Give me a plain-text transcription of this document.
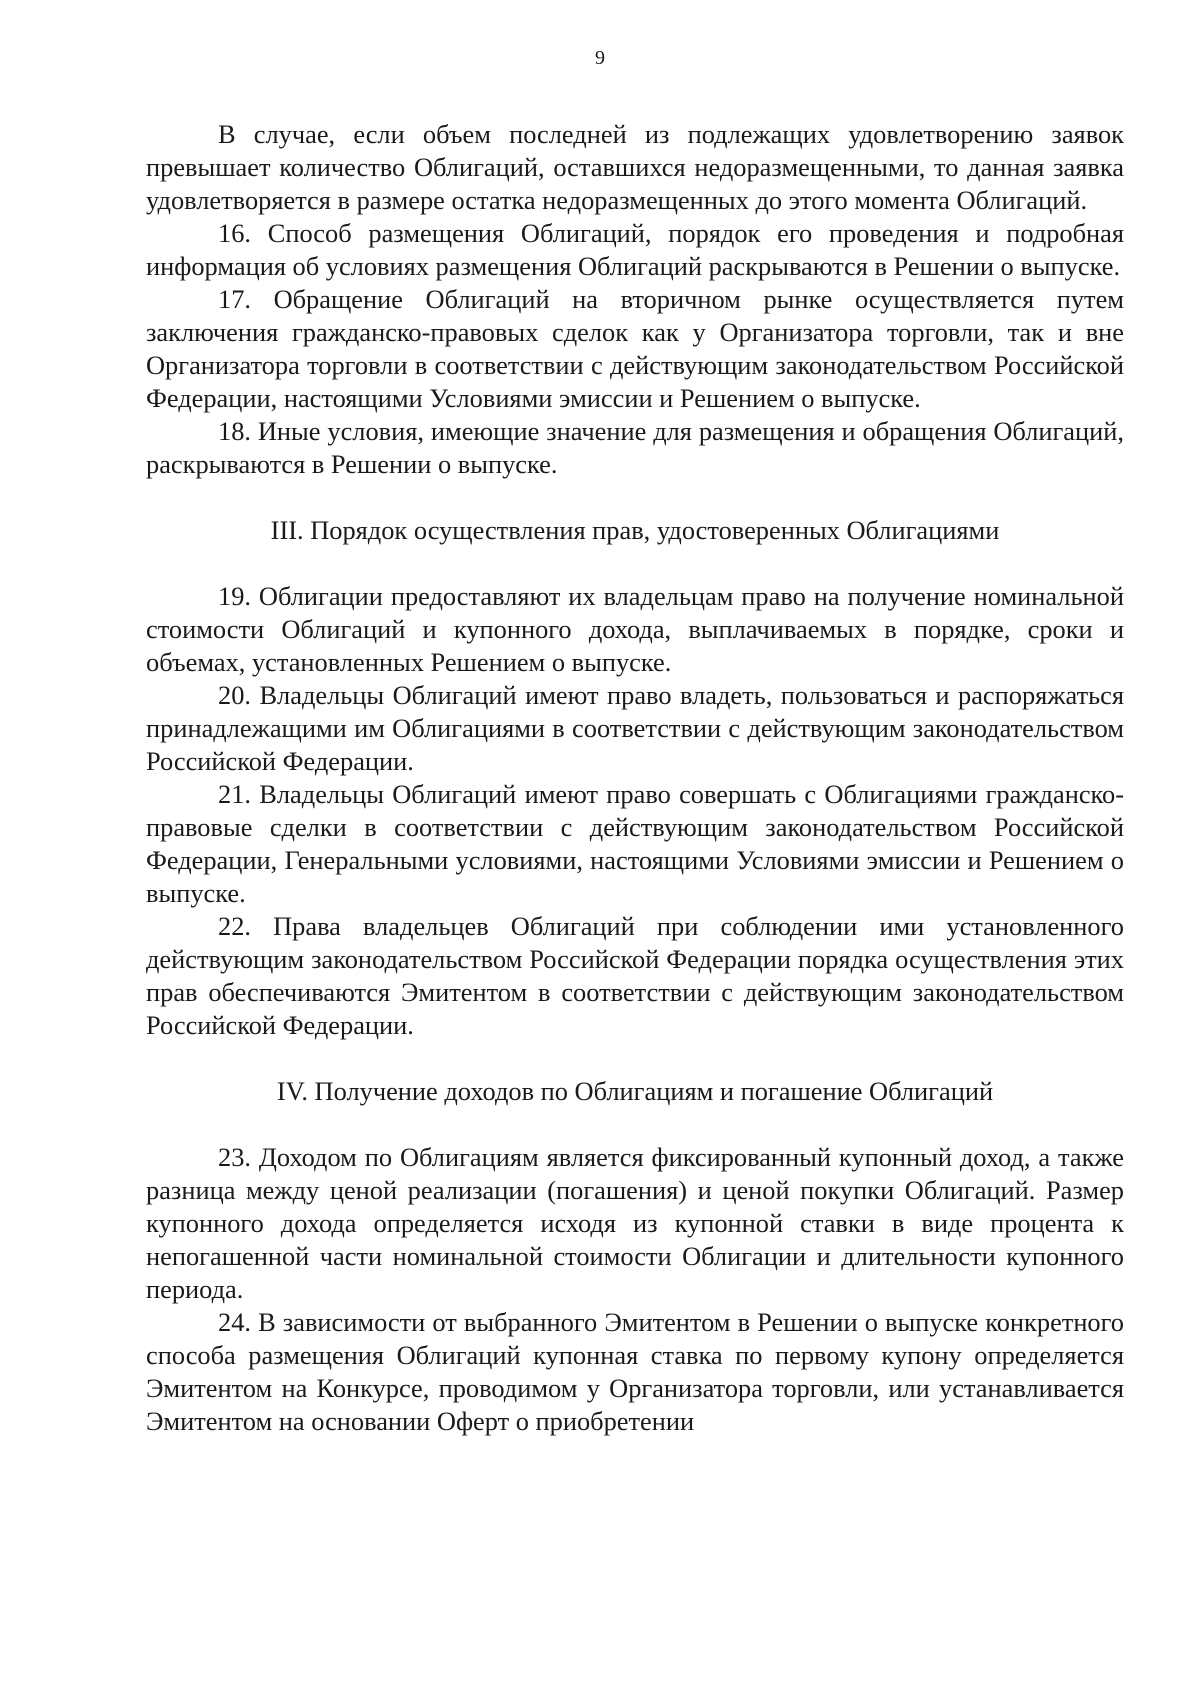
9

В случае, если объем последней из подлежащих удовлетворению заявок превышает количество Облигаций, оставшихся недоразмещенными, то данная заявка удовлетворяется в размере остатка недоразмещенных до этого момента Облигаций.

16. Способ размещения Облигаций, порядок его проведения и подробная информация об условиях размещения Облигаций раскрываются в Решении о выпуске.

17. Обращение Облигаций на вторичном рынке осуществляется путем заключения гражданско-правовых сделок как у Организатора торговли, так и вне Организатора торговли в соответствии с действующим законодательством Российской Федерации, настоящими Условиями эмиссии и Решением о выпуске.

18. Иные условия, имеющие значение для размещения и обращения Облигаций, раскрываются в Решении о выпуске.

III. Порядок осуществления прав, удостоверенных Облигациями

19. Облигации предоставляют их владельцам право на получение номинальной стоимости Облигаций и купонного дохода, выплачиваемых в порядке, сроки и объемах, установленных Решением о выпуске.

20. Владельцы Облигаций имеют право владеть, пользоваться и распоряжаться принадлежащими им Облигациями в соответствии с действующим законодательством Российской Федерации.

21. Владельцы Облигаций имеют право совершать с Облигациями гражданско-правовые сделки в соответствии с действующим законодательством Российской Федерации, Генеральными условиями, настоящими Условиями эмиссии и Решением о выпуске.

22. Права владельцев Облигаций при соблюдении ими установленного действующим законодательством Российской Федерации порядка осуществления этих прав обеспечиваются Эмитентом в соответствии с действующим законодательством Российской Федерации.

IV. Получение доходов по Облигациям и погашение Облигаций

23. Доходом по Облигациям является фиксированный купонный доход, а также разница между ценой реализации (погашения) и ценой покупки Облигаций. Размер купонного дохода определяется исходя из купонной ставки в виде процента к непогашенной части номинальной стоимости Облигации и длительности купонного периода.

24. В зависимости от выбранного Эмитентом в Решении о выпуске конкретного способа размещения Облигаций купонная ставка по первому купону определяется Эмитентом на Конкурсе, проводимом у Организатора торговли, или устанавливается Эмитентом на основании Оферт о приобретении
